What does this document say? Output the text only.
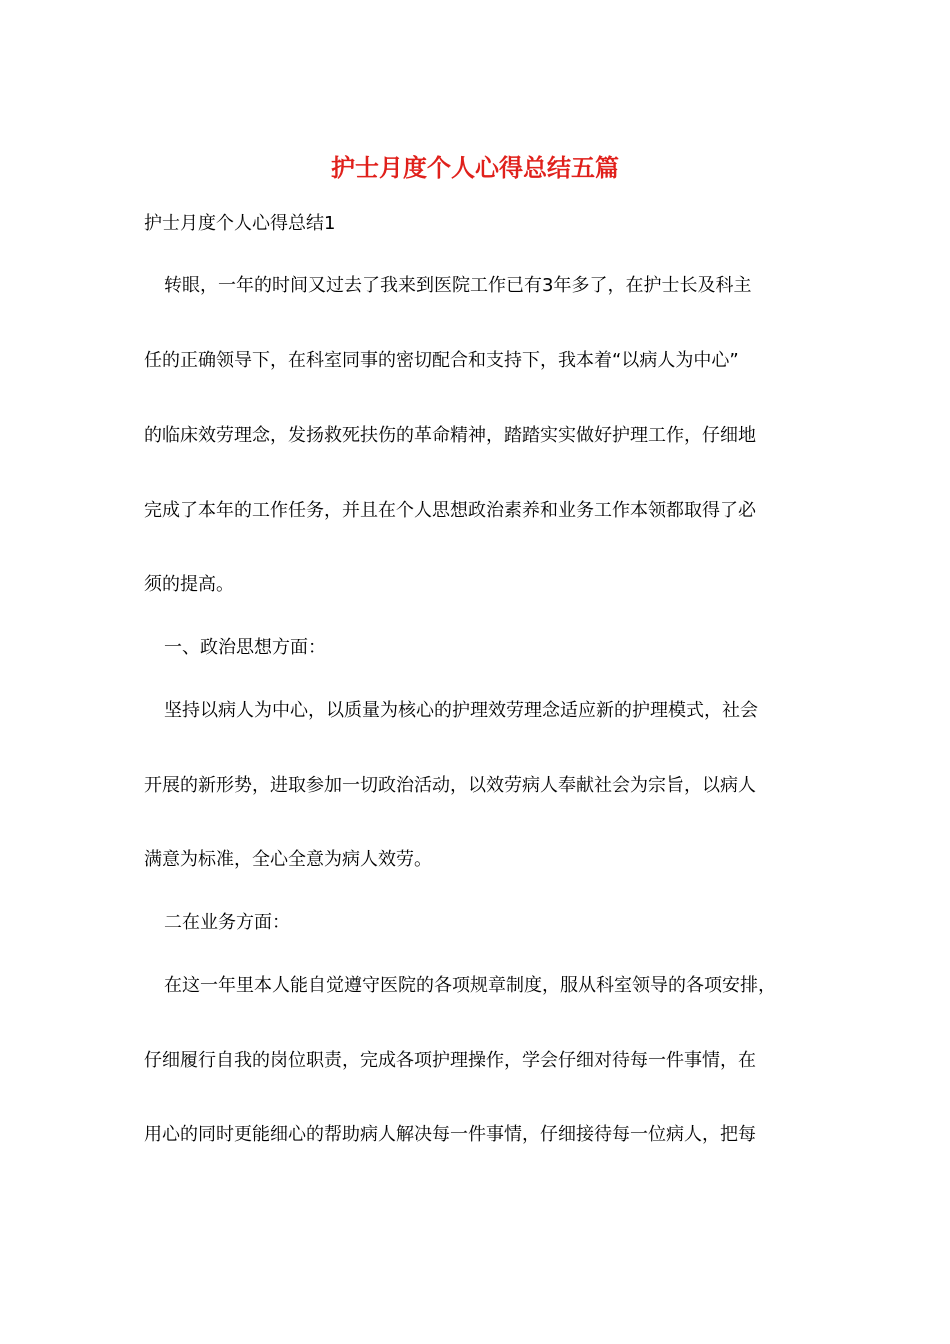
护士月度个人心得总结五篇
护士月度个人心得总结1
转眼，一年的时间又过去了我来到医院工作已有3年多了，在护士长及科主
任的正确领导下，在科室同事的密切配合和支持下，我本着“以病人为中心”
的临床效劳理念，发扬救死扶伤的革命精神，踏踏实实做好护理工作，仔细地
完成了本年的工作任务，并且在个人思想政治素养和业务工作本领都取得了必
须的提高。
一、政治思想方面：
坚持以病人为中心，以质量为核心的护理效劳理念适应新的护理模式，社会
开展的新形势，进取参加一切政治活动，以效劳病人奉献社会为宗旨，以病人
满意为标准，全心全意为病人效劳。
二在业务方面：
在这一年里本人能自觉遵守医院的各项规章制度，服从科室领导的各项安排，
仔细履行自我的岗位职责，完成各项护理操作，学会仔细对待每一件事情，在
用心的同时更能细心的帮助病人解决每一件事情，仔细接待每一位病人，把每
